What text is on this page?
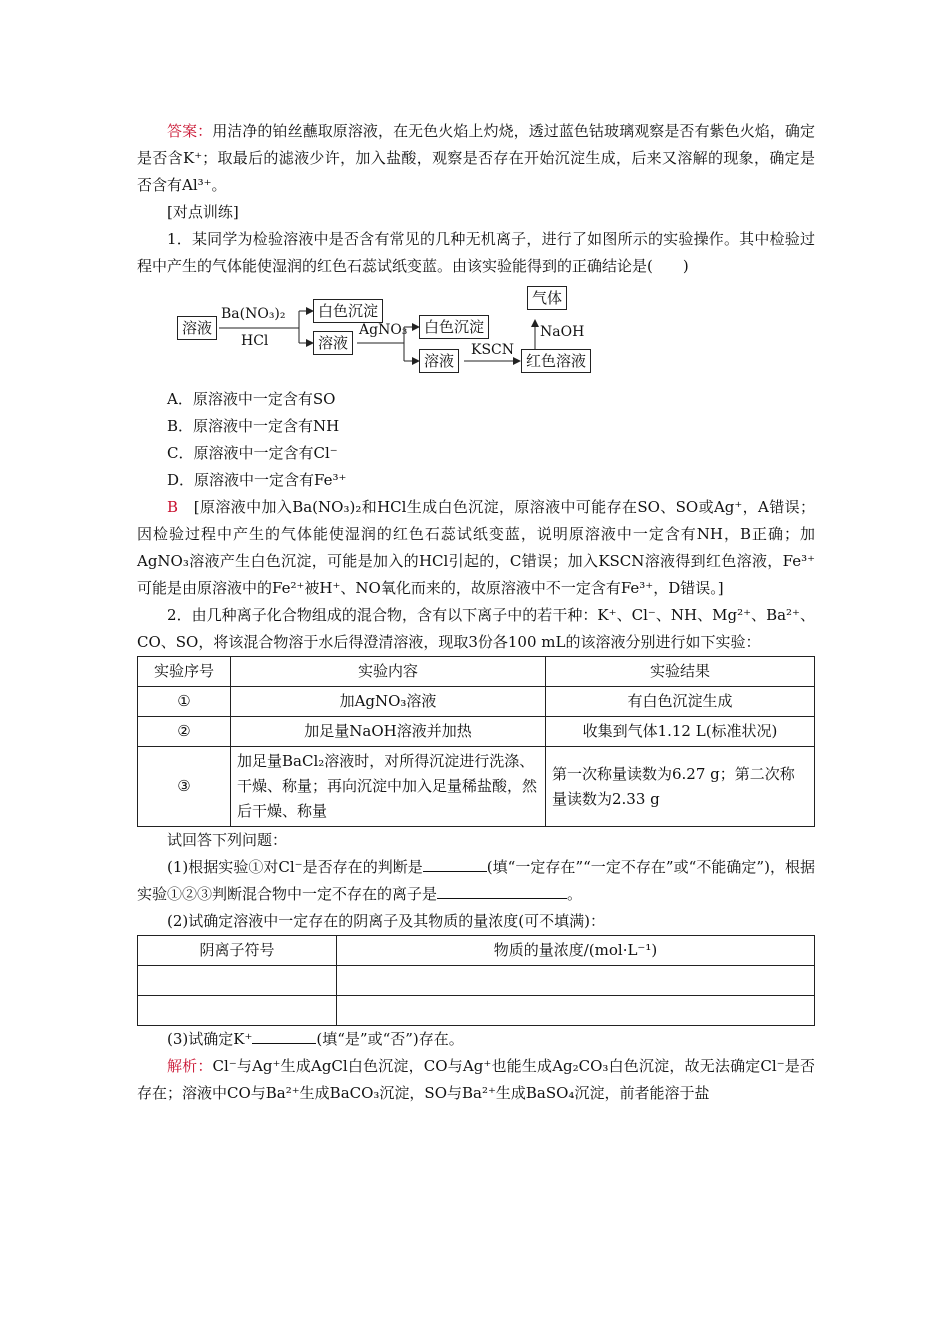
答案：用洁净的铂丝蘸取原溶液，在无色火焰上灼烧，透过蓝色钴玻璃观察是否有紫色火焰，确定是否含K⁺；取最后的滤液少许，加入盐酸，观察是否存在开始沉淀生成，后来又溶解的现象，确定是否含有Al³⁺。

[对点训练]

1．某同学为检验溶液中是否含有常见的几种无机离子，进行了如图所示的实验操作。其中检验过程中产生的气体能使湿润的红色石蕊试纸变蓝。由该实验能得到的正确结论是(　　)

溶液
Ba(NO₃)₂
HCl
白色沉淀
溶液
AgNO₃	白色沉淀
溶液
KSCN
红色溶液
NaOH
气体

A．原溶液中一定含有SO

B．原溶液中一定含有NH

C．原溶液中一定含有Cl⁻

D．原溶液中一定含有Fe³⁺

B　 [原溶液中加入Ba(NO₃)₂和HCl生成白色沉淀，原溶液中可能存在SO、SO或Ag⁺，A错误；因检验过程中产生的气体能使湿润的红色石蕊试纸变蓝，说明原溶液中一定含有NH，B正确；加AgNO₃溶液产生白色沉淀，可能是加入的HCl引起的，C错误；加入KSCN溶液得到红色溶液，Fe³⁺可能是由原溶液中的Fe²⁺被H⁺、NO氧化而来的，故原溶液中不一定含有Fe³⁺，D错误。]

2．由几种离子化合物组成的混合物，含有以下离子中的若干种：K⁺、Cl⁻、NH、Mg²⁺、Ba²⁺、CO、SO，将该混合物溶于水后得澄清溶液，现取3份各100 mL的该溶液分别进行如下实验：

实验序号	实验内容	实验结果
①	加AgNO₃溶液	有白色沉淀生成
②	加足量NaOH溶液并加热	收集到气体1.12 L(标准状况)
③	加足量BaCl₂溶液时，对所得沉淀进行洗涤、干燥、称量；再向沉淀中加入足量稀盐酸，然后干燥、称量	第一次称量读数为6.27 g；第二次称量读数为2.33 g

试回答下列问题：

(1)根据实验①对Cl⁻是否存在的判断是	(填“一定存在”“一定不存在”或“不能确定”)，根据实验①②③判断混合物中一定不存在的离子是	。

(2)试确定溶液中一定存在的阴离子及其物质的量浓度(可不填满)：

阴离子符号	物质的量浓度/(mol·L⁻¹)

(3)试确定K⁺	(填“是”或“否”)存在。

解析：Cl⁻与Ag⁺生成AgCl白色沉淀，CO与Ag⁺也能生成Ag₂CO₃白色沉淀，故无法确定Cl⁻是否存在；溶液中CO与Ba²⁺生成BaCO₃沉淀，SO与Ba²⁺生成BaSO₄沉淀，前者能溶于盐
